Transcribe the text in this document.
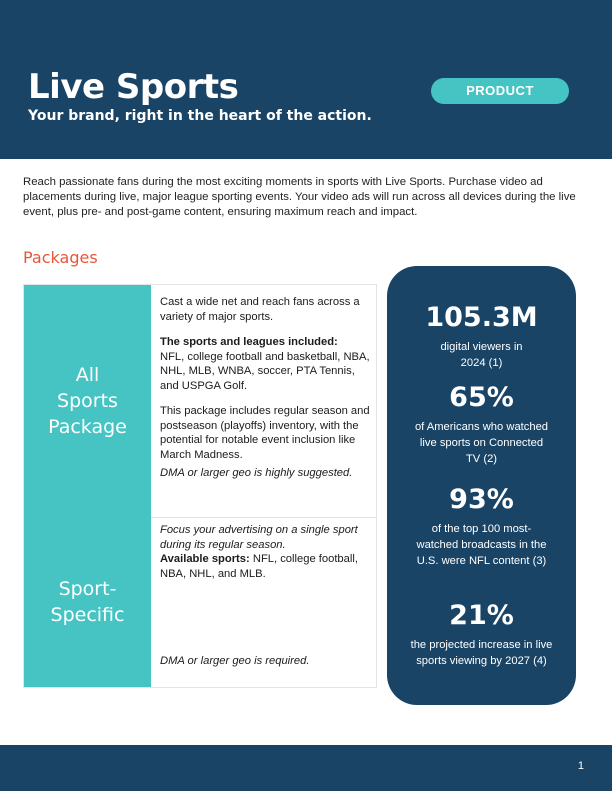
Live Sports
Your brand, right in the heart of the action.
PRODUCT
Reach passionate fans during the most exciting moments in sports with Live Sports. Purchase video ad placements during live, major league sporting events. Your video ads will run across all devices during the live event, plus pre- and post-game content, ensuring maximum reach and impact.
Packages
All Sports Package

Cast a wide net and reach fans across a variety of major sports.

The sports and leagues included:
NFL, college football and basketball, NBA, NHL, MLB, WNBA, soccer, PTA Tennis, and USPGA Golf.

This package includes regular season and postseason (playoffs) inventory, with the potential for notable event inclusion like March Madness.

DMA or larger geo is highly suggested.

Sport-Specific

Focus your advertising on a single sport during its regular season.

Available sports: NFL, college football, NBA, NHL, and MLB.

DMA or larger geo is required.
105.3M
digital viewers in 2024 (1)
65%
of Americans who watched live sports on Connected TV (2)
93%
of the top 100 most-watched broadcasts in the U.S. were NFL content (3)
21%
the projected increase in live sports viewing by 2027 (4)
1
